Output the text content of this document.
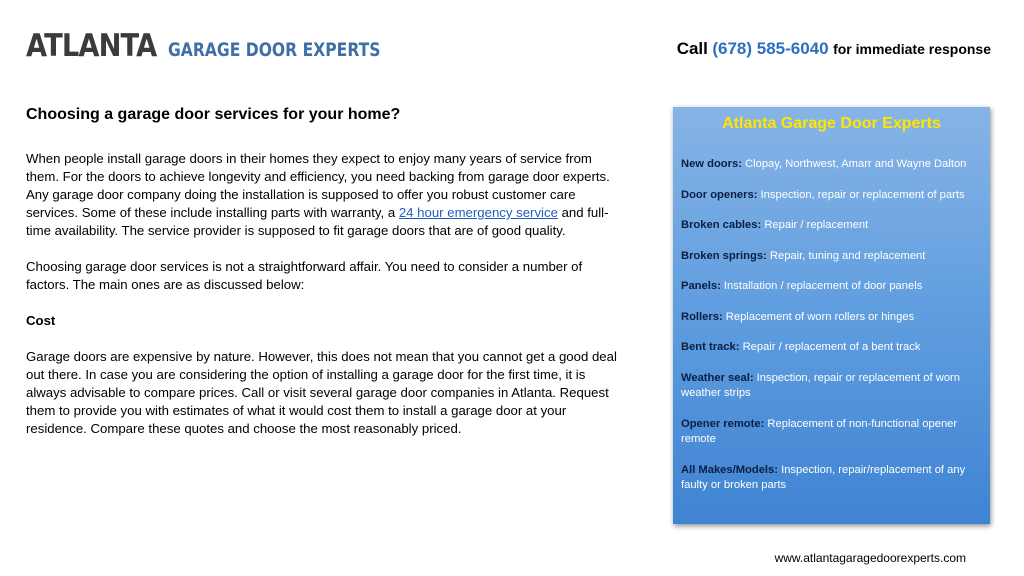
ATLANTA GARAGE DOOR EXPERTS	Call (678) 585-6040 for immediate response
Choosing a garage door services for your home?

When people install garage doors in their homes they expect to enjoy many years of service from them. For the doors to achieve longevity and efficiency, you need backing from garage door experts. Any garage door company doing the installation is supposed to offer you robust customer care services. Some of these include installing parts with warranty, a 24 hour emergency service and full-time availability. The service provider is supposed to fit garage doors that are of good quality.

Choosing garage door services is not a straightforward affair. You need to consider a number of factors. The main ones are as discussed below:

Cost

Garage doors are expensive by nature. However, this does not mean that you cannot get a good deal out there. In case you are considering the option of installing a garage door for the first time, it is always advisable to compare prices. Call or visit several garage door companies in Atlanta. Request them to provide you with estimates of what it would cost them to install a garage door at your residence. Compare these quotes and choose the most reasonably priced.

Atlanta Garage Door Experts
New doors: Clopay, Northwest, Amarr and Wayne Dalton
Door openers: Inspection, repair or replacement of parts
Broken cables: Repair / replacement
Broken springs: Repair, tuning and replacement
Panels: Installation / replacement of door panels
Rollers: Replacement of worn rollers or hinges
Bent track: Repair / replacement of a bent track
Weather seal: Inspection, repair or replacement of worn weather strips
Opener remote: Replacement of non-functional opener remote
All Makes/Models: Inspection, repair/replacement of any faulty or broken parts
www.atlantagaragedoorexperts.com
